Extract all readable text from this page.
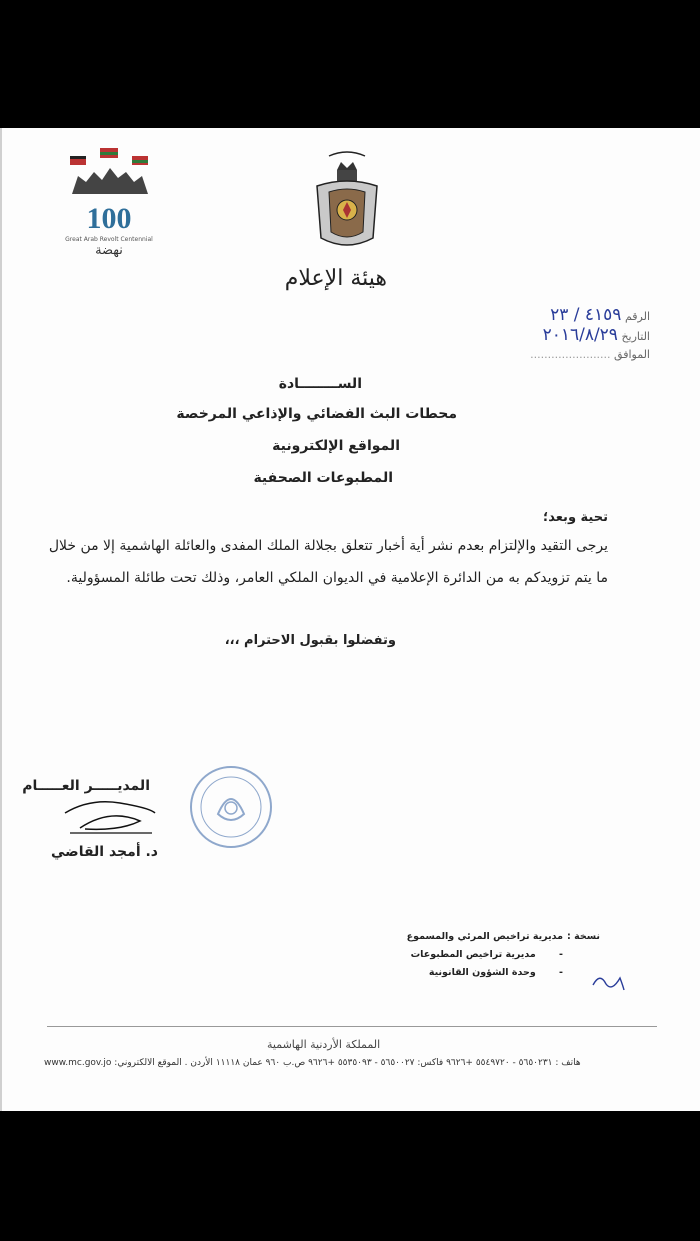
100
Great Arab Revolt Centennial
نهضة
هيئة الإعلام
الرقم ٤١٥٩ / ٢٣
التاريخ ٢٠١٦/٨/٢٩
الموافق .......................
الســــــــادة
محطات البث الفضائي والإذاعي المرخصة
المواقع الإلكترونية
المطبوعات الصحفية
تحية وبعد؛
يرجى التقيد والإلتزام بعدم نشر أية أخبار تتعلق بجلالة الملك المفدى والعائلة الهاشمية إلا من خلال
ما يتم تزويدكم به من الدائرة الإعلامية في الديوان الملكي العامر، وذلك تحت طائلة المسؤولية.
وتفضلوا بقبول الاحترام ،،،
المديـــــر العـــــام
د. أمجد القاضي
نسخة :
مديرية تراخيص المرئي والمسموع
مديرية تراخيص المطبوعات -
وحدة الشؤون القانونية -
المملكة الأردنية الهاشمية
www.mc.gov.jo هاتف : ٥٦٥٠٢٣١ - ٥٥٤٩٧٢٠ +٩٦٢٦ فاكس: ٥٦٥٠٠٢٧ - ٥٥٣٥٠٩٣ +٩٦٢٦ ص.ب ٩٦٠ عمان ١١١١٨ الأردن . الموقع الالكتروني:
